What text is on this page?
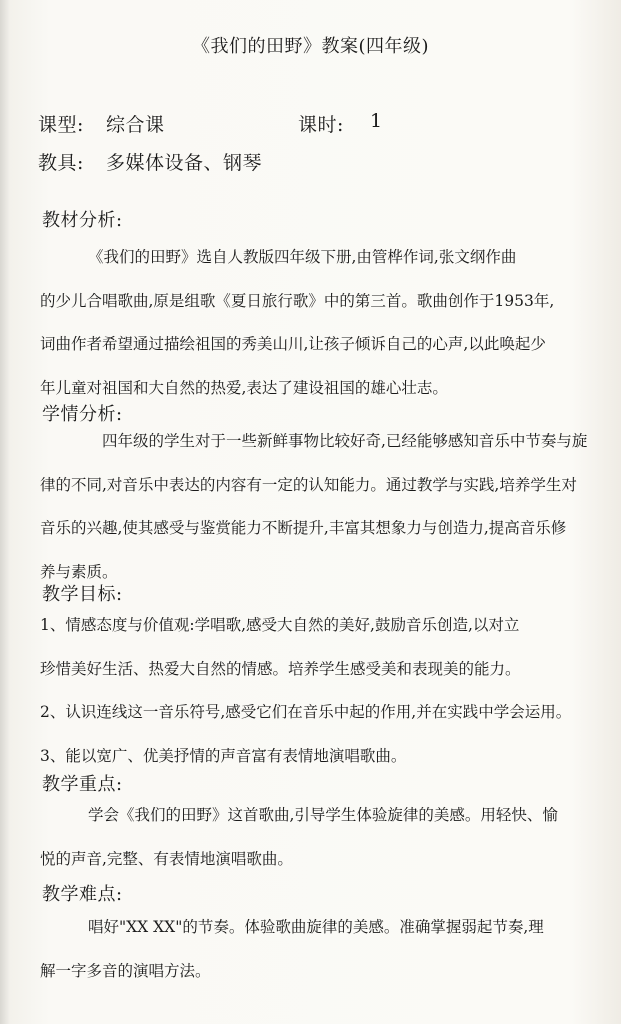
《我们的田野》教案(四年级)
课型: 综合课	课时: 1
教具: 多媒体设备、钢琴
教材分析:
《我们的田野》选自人教版四年级下册,由管桦作词,张文纲作曲
的少儿合唱歌曲,原是组歌《夏日旅行歌》中的第三首。歌曲创作于1953年,
词曲作者希望通过描绘祖国的秀美山川,让孩子倾诉自己的心声,以此唤起少
年儿童对祖国和大自然的热爱,表达了建设祖国的雄心壮志。
学情分析:
四年级的学生对于一些新鲜事物比较好奇,已经能够感知音乐中节奏与旋
律的不同,对音乐中表达的内容有一定的认知能力。通过教学与实践,培养学生对
音乐的兴趣,使其感受与鉴赏能力不断提升,丰富其想象力与创造力,提高音乐修
养与素质。
教学目标:
1、情感态度与价值观:学唱歌,感受大自然的美好,鼓励音乐创造,以对立
珍惜美好生活、热爱大自然的情感。培养学生感受美和表现美的能力。
2、认识连线这一音乐符号,感受它们在音乐中起的作用,并在实践中学会运用。
3、能以宽广、优美抒情的声音富有表情地演唱歌曲。
教学重点:
学会《我们的田野》这首歌曲,引导学生体验旋律的美感。用轻快、愉
悦的声音,完整、有表情地演唱歌曲。
教学难点:
唱好"XX XX"的节奏。体验歌曲旋律的美感。准确掌握弱起节奏,理
解一字多音的演唱方法。
